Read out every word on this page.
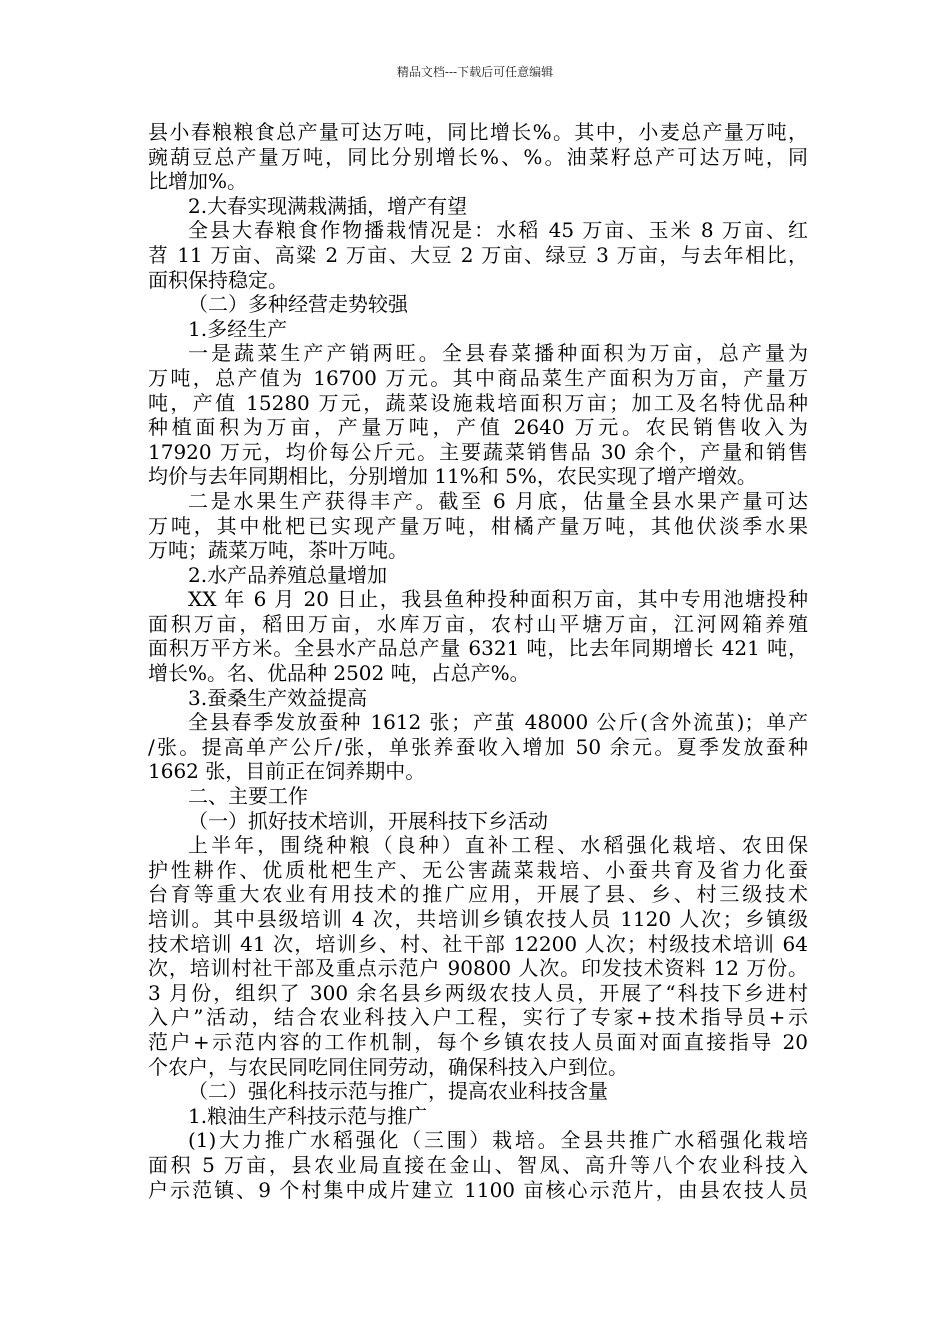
精品文档---下载后可任意编辑
县小春粮粮食总产量可达万吨，同比增长%。其中，小麦总产量万吨，
豌葫豆总产量万吨，同比分别增长%、%。油菜籽总产可达万吨，同
比增加%。
2.大春实现满栽满插，增产有望
全县大春粮食作物播栽情况是：水稻 45 万亩、玉米 8 万亩、红
苕 11 万亩、高粱 2 万亩、大豆 2 万亩、绿豆 3 万亩，与去年相比，
面积保持稳定。
（二）多种经营走势较强
1.多经生产
一是蔬菜生产产销两旺。全县春菜播种面积为万亩，总产量为
万吨，总产值为 16700 万元。其中商品菜生产面积为万亩，产量万
吨，产值 15280 万元，蔬菜设施栽培面积万亩；加工及名特优品种
种植面积为万亩，产量万吨，产值 2640 万元。农民销售收入为
17920 万元，均价每公斤元。主要蔬菜销售品 30 余个，产量和销售
均价与去年同期相比，分别增加 11%和 5%，农民实现了增产增效。
二是水果生产获得丰产。截至 6 月底，估量全县水果产量可达
万吨，其中枇杷已实现产量万吨，柑橘产量万吨，其他伏淡季水果
万吨；蔬菜万吨，茶叶万吨。
2.水产品养殖总量增加
XX 年 6 月 20 日止，我县鱼种投种面积万亩，其中专用池塘投种
面积万亩，稻田万亩，水库万亩，农村山平塘万亩，江河网箱养殖
面积万平方米。全县水产品总产量 6321 吨，比去年同期增长 421 吨，
增长%。名、优品种 2502 吨，占总产%。
3.蚕桑生产效益提高
全县春季发放蚕种 1612 张；产茧 48000 公斤(含外流茧)；单产
/张。提高单产公斤/张，单张养蚕收入增加 50 余元。夏季发放蚕种
1662 张，目前正在饲养期中。
二、主要工作
（一）抓好技术培训，开展科技下乡活动
上半年，围绕种粮（良种）直补工程、水稻强化栽培、农田保
护性耕作、优质枇杷生产、无公害蔬菜栽培、小蚕共育及省力化蚕
台育等重大农业有用技术的推广应用，开展了县、乡、村三级技术
培训。其中县级培训 4 次，共培训乡镇农技人员 1120 人次；乡镇级
技术培训 41 次，培训乡、村、社干部 12200 人次；村级技术培训 64
次，培训村社干部及重点示范户 90800 人次。印发技术资料 12 万份。
3 月份，组织了 300 余名县乡两级农技人员，开展了“科技下乡进村
入户”活动，结合农业科技入户工程，实行了专家+技术指导员+示
范户+示范内容的工作机制，每个乡镇农技人员面对面直接指导 20
个农户，与农民同吃同住同劳动，确保科技入户到位。
（二）强化科技示范与推广，提高农业科技含量
1.粮油生产科技示范与推广
(1)大力推广水稻强化（三围）栽培。全县共推广水稻强化栽培
面积 5 万亩，县农业局直接在金山、智凤、高升等八个农业科技入
户示范镇、9 个村集中成片建立 1100 亩核心示范片，由县农技人员
